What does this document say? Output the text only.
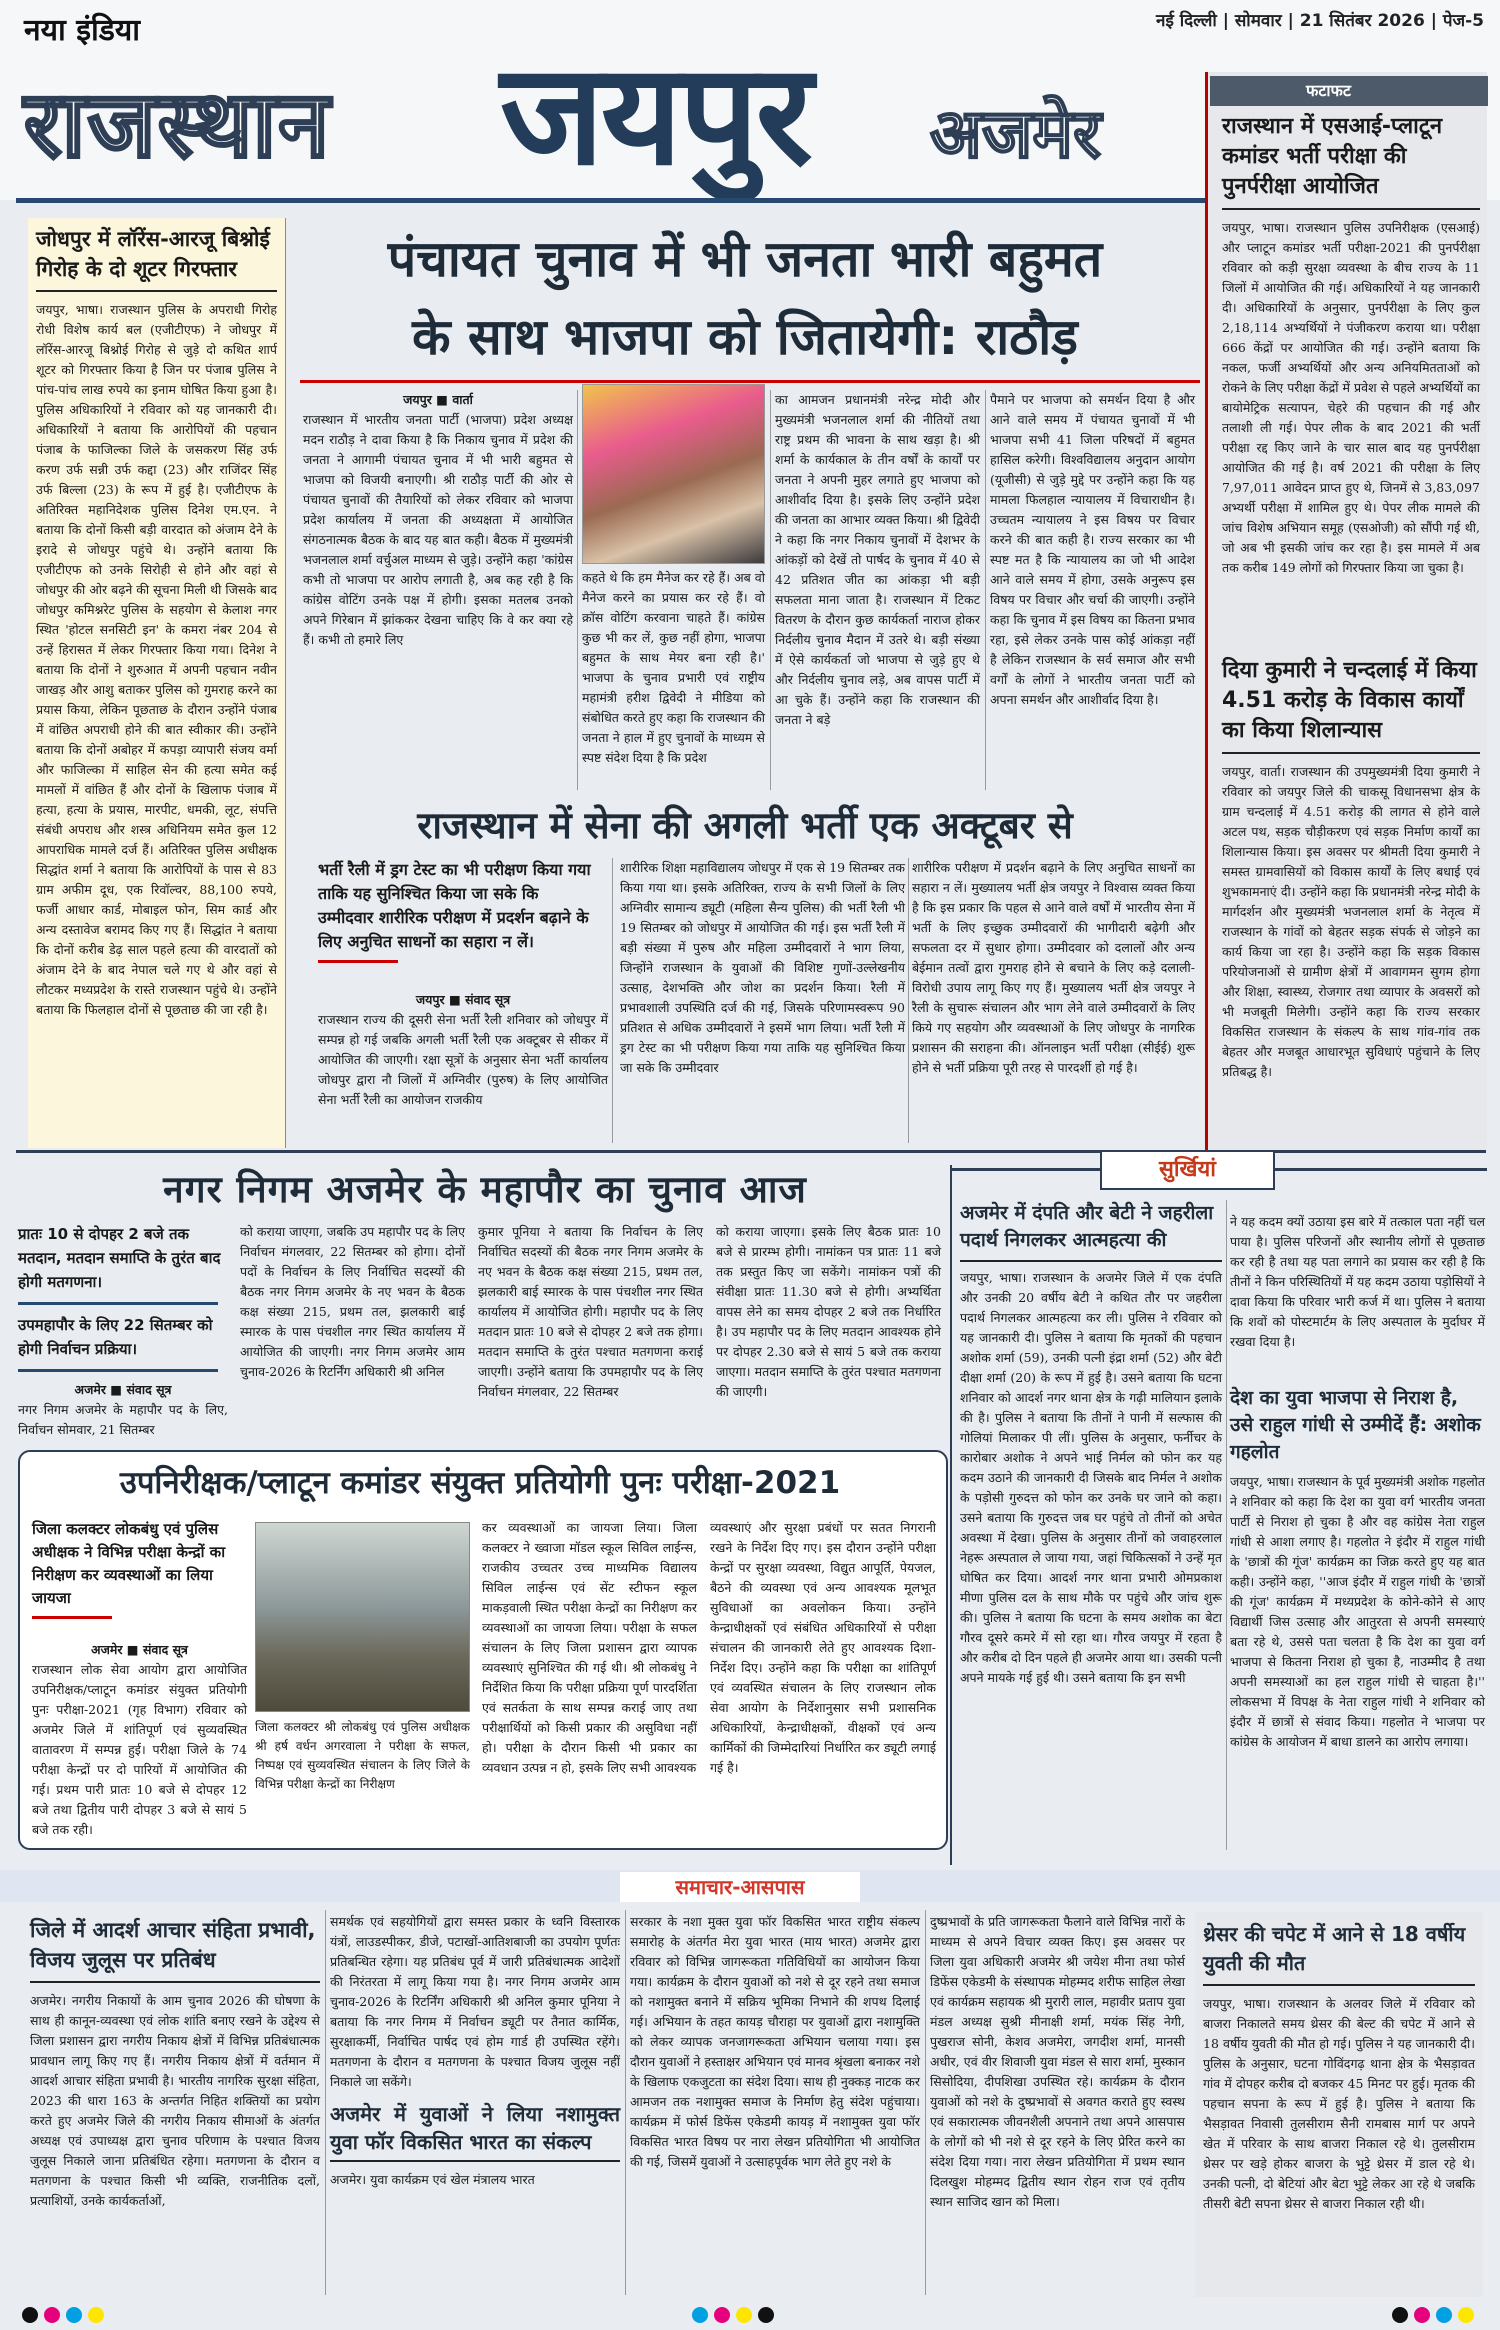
नया इंडिया
राजस्थान जयपुर अजमेर
नई दिल्ली | सोमवार | 21 सितंबर 2026 | पेज-5
फटाफट
राजस्थान में एसआई-प्लाटून कमांडर भर्ती परीक्षा की पुनर्परीक्षा आयोजित
जयपुर, भाषा। राजस्थान पुलिस उपनिरीक्षक (एसआई) और प्लाटून कमांडर भर्ती परीक्षा-2021 की पुनर्परीक्षा रविवार को कड़ी सुरक्षा व्यवस्था के बीच राज्य के 11 जिलों में आयोजित की गई। अधिकारियों ने यह जानकारी दी। अधिकारियों के अनुसार, पुनर्परीक्षा के लिए कुल 2,18,114 अभ्यर्थियों ने पंजीकरण कराया था। परीक्षा 666 केंद्रों पर आयोजित की गई। उन्होंने बताया कि नकल, फर्जी अभ्यर्थियों और अन्य अनियमितताओं को रोकने के लिए परीक्षा केंद्रों में प्रवेश से पहले अभ्यर्थियों का बायोमेट्रिक सत्यापन, चेहरे की पहचान की गई और तलाशी ली गई। पेपर लीक के बाद 2021 की भर्ती परीक्षा रद्द किए जाने के चार साल बाद यह पुनर्परीक्षा आयोजित की गई है। वर्ष 2021 की परीक्षा के लिए 7,97,011 आवेदन प्राप्त हुए थे, जिनमें से 3,83,097 अभ्यर्थी परीक्षा में शामिल हुए थे। पेपर लीक मामले की जांच विशेष अभियान समूह (एसओजी) को सौंपी गई थी, जो अब भी इसकी जांच कर रहा है। इस मामले में अब तक करीब 149 लोगों को गिरफ्तार किया जा चुका है।
दिया कुमारी ने चन्दलाई में किया 4.51 करोड़ के विकास कार्यों का किया शिलान्यास
जयपुर, वार्ता। राजस्थान की उपमुख्यमंत्री दिया कुमारी ने रविवार को जयपुर जिले की चाकसू विधानसभा क्षेत्र के ग्राम चन्दलाई में 4.51 करोड़ की लागत से होने वाले अटल पथ, सड़क चौड़ीकरण एवं सड़क निर्माण कार्यों का शिलान्यास किया। इस अवसर पर श्रीमती दिया कुमारी ने समस्त ग्रामवासियों को विकास कार्यों के लिए बधाई एवं शुभकामनाएं दी। उन्होंने कहा कि प्रधानमंत्री नरेन्द्र मोदी के मार्गदर्शन और मुख्यमंत्री भजनलाल शर्मा के नेतृत्व में राजस्थान के गांवों को बेहतर सड़क संपर्क से जोड़ने का कार्य किया जा रहा है। उन्होंने कहा कि सड़क विकास परियोजनाओं से ग्रामीण क्षेत्रों में आवागमन सुगम होगा और शिक्षा, स्वास्थ्य, रोजगार तथा व्यापार के अवसरों को भी मजबूती मिलेगी। उन्होंने कहा कि राज्य सरकार विकसित राजस्थान के संकल्प के साथ गांव-गांव तक बेहतर और मजबूत आधारभूत सुविधाएं पहुंचाने के लिए प्रतिबद्ध है।
जोधपुर में लॉरेंस-आरजू बिश्नोई गिरोह के दो शूटर गिरफ्तार
जयपुर, भाषा। राजस्थान पुलिस के अपराधी गिरोह रोधी विशेष कार्य बल (एजीटीएफ) ने जोधपुर में लॉरेंस-आरजू बिश्नोई गिरोह से जुड़े दो कथित शार्प शूटर को गिरफ्तार किया है जिन पर पंजाब पुलिस ने पांच-पांच लाख रुपये का इनाम घोषित किया हुआ है। पुलिस अधिकारियों ने रविवार को यह जानकारी दी। अधिकारियों ने बताया कि आरोपियों की पहचान पंजाब के फाजिल्का जिले के जसकरण सिंह उर्फ करण उर्फ सन्नी उर्फ कद्दा (23) और राजिंदर सिंह उर्फ बिल्ला (23) के रूप में हुई है। एजीटीएफ के अतिरिक्त महानिदेशक पुलिस दिनेश एम.एन. ने बताया कि दोनों किसी बड़ी वारदात को अंजाम देने के इरादे से जोधपुर पहुंचे थे। उन्होंने बताया कि एजीटीएफ को उनके सिरोही से होने और वहां से जोधपुर की ओर बढ़ने की सूचना मिली थी जिसके बाद जोधपुर कमिश्नरेट पुलिस के सहयोग से केलाश नगर स्थित 'होटल सनसिटी इन' के कमरा नंबर 204 से उन्हें हिरासत में लेकर गिरफ्तार किया गया। दिनेश ने बताया कि दोनों ने शुरुआत में अपनी पहचान नवीन जाखड़ और आशु बताकर पुलिस को गुमराह करने का प्रयास किया, लेकिन पूछताछ के दौरान उन्होंने पंजाब में वांछित अपराधी होने की बात स्वीकार की। उन्होंने बताया कि दोनों अबोहर में कपड़ा व्यापारी संजय वर्मा और फाजिल्का में साहिल सेन की हत्या समेत कई मामलों में वांछित हैं और दोनों के खिलाफ पंजाब में हत्या, हत्या के प्रयास, मारपीट, धमकी, लूट, संपत्ति संबंधी अपराध और शस्त्र अधिनियम समेत कुल 12 आपराधिक मामले दर्ज हैं। अतिरिक्त पुलिस अधीक्षक सिद्धांत शर्मा ने बताया कि आरोपियों के पास से 83 ग्राम अफीम दूध, एक रिवॉल्वर, 88,100 रुपये, फर्जी आधार कार्ड, मोबाइल फोन, सिम कार्ड और अन्य दस्तावेज बरामद किए गए हैं। सिद्धांत ने बताया कि दोनों करीब डेढ़ साल पहले हत्या की वारदातों को अंजाम देने के बाद नेपाल चले गए थे और वहां से लौटकर मध्यप्रदेश के रास्ते राजस्थान पहुंचे थे। उन्होंने बताया कि फिलहाल दोनों से पूछताछ की जा रही है।
पंचायत चुनाव में भी जनता भारी बहुमत
के साथ भाजपा को जितायेगी: राठौड़
जयपुर ■ वार्ता
राजस्थान में भारतीय जनता पार्टी (भाजपा) प्रदेश अध्यक्ष मदन राठौड़ ने दावा किया है कि निकाय चुनाव में प्रदेश की जनता ने आगामी पंचायत चुनाव में भी भारी बहुमत से भाजपा को विजयी बनाएगी। श्री राठौड़ पार्टी की ओर से पंचायत चुनावों की तैयारियों को लेकर रविवार को भाजपा प्रदेश कार्यालय में जनता की अध्यक्षता में आयोजित संगठनात्मक बैठक के बाद यह बात कही। बैठक में मुख्यमंत्री भजनलाल शर्मा वर्चुअल माध्यम से जुड़े। उन्होंने कहा 'कांग्रेस कभी तो भाजपा पर आरोप लगाती है, अब कह रही है कि कांग्रेस वोटिंग उनके पक्ष में होगी। इसका मतलब उनको अपने गिरेबान में झांककर देखना चाहिए कि वे कर क्या रहे हैं। कभी तो हमारे लिए
कहते थे कि हम मैनेज कर रहे हैं। अब वो मैनेज करने का प्रयास कर रहे हैं। वो क्रॉस वोटिंग करवाना चाहते हैं। कांग्रेस कुछ भी कर लें, कुछ नहीं होगा, भाजपा बहुमत के साथ मेयर बना रही है।' भाजपा के चुनाव प्रभारी एवं राष्ट्रीय महामंत्री हरीश द्विवेदी ने मीडिया को संबोधित करते हुए कहा कि राजस्थान की जनता ने हाल में हुए चुनावों के माध्यम से स्पष्ट संदेश दिया है कि प्रदेश
का आमजन प्रधानमंत्री नरेन्द्र मोदी और मुख्यमंत्री भजनलाल शर्मा की नीतियों तथा राष्ट्र प्रथम की भावना के साथ खड़ा है। श्री शर्मा के कार्यकाल के तीन वर्षों के कार्यों पर जनता ने अपनी मुहर लगाते हुए भाजपा को आशीर्वाद दिया है। इसके लिए उन्होंने प्रदेश की जनता का आभार व्यक्त किया। श्री द्विवेदी ने कहा कि नगर निकाय चुनावों में देशभर के आंकड़ों को देखें तो पार्षद के चुनाव में 40 से 42 प्रतिशत जीत का आंकड़ा भी बड़ी सफलता माना जाता है। राजस्थान में टिकट वितरण के दौरान कुछ कार्यकर्ता नाराज होकर निर्दलीय चुनाव मैदान में उतरे थे। बड़ी संख्या में ऐसे कार्यकर्ता जो भाजपा से जुड़े हुए थे और निर्दलीय चुनाव लड़े, अब वापस पार्टी में आ चुके हैं। उन्होंने कहा कि राजस्थान की जनता ने बड़े
पैमाने पर भाजपा को समर्थन दिया है और आने वाले समय में पंचायत चुनावों में भी भाजपा सभी 41 जिला परिषदों में बहुमत हासिल करेगी। विश्वविद्यालय अनुदान आयोग (यूजीसी) से जुड़े मुद्दे पर उन्होंने कहा कि यह मामला फिलहाल न्यायालय में विचाराधीन है। उच्चतम न्यायालय ने इस विषय पर विचार करने की बात कही है। राज्य सरकार का भी स्पष्ट मत है कि न्यायालय का जो भी आदेश आने वाले समय में होगा, उसके अनुरूप इस विषय पर विचार और चर्चा की जाएगी। उन्होंने कहा कि चुनाव में इस विषय का कितना प्रभाव रहा, इसे लेकर उनके पास कोई आंकड़ा नहीं है लेकिन राजस्थान के सर्व समाज और सभी वर्गों के लोगों ने भारतीय जनता पार्टी को अपना समर्थन और आशीर्वाद दिया है।
राजस्थान में सेना की अगली भर्ती एक अक्टूबर से
भर्ती रैली में ड्रग टेस्ट का भी परीक्षण किया गया ताकि यह सुनिश्चित किया जा सके कि उम्मीदवार शारीरिक परीक्षण में प्रदर्शन बढ़ाने के लिए अनुचित साधनों का सहारा न लें।
जयपुर ■ संवाद सूत्र
राजस्थान राज्य की दूसरी सेना भर्ती रैली शनिवार को जोधपुर में सम्पन्न हो गई जबकि अगली भर्ती रैली एक अक्टूबर से सीकर में आयोजित की जाएगी। रक्षा सूत्रों के अनुसार सेना भर्ती कार्यालय जोधपुर द्वारा नौ जिलों में अग्निवीर (पुरुष) के लिए आयोजित सेना भर्ती रैली का आयोजन राजकीय
शारीरिक शिक्षा महाविद्यालय जोधपुर में एक से 19 सितम्बर तक किया गया था। इसके अतिरिक्त, राज्य के सभी जिलों के लिए अग्निवीर सामान्य ड्यूटी (महिला सैन्य पुलिस) की भर्ती रैली भी 19 सितम्बर को जोधपुर में आयोजित की गई। इस भर्ती रैली में बड़ी संख्या में पुरुष और महिला उम्मीदवारों ने भाग लिया, जिन्होंने राजस्थान के युवाओं की विशिष्ट गुणों-उल्लेखनीय उत्साह, देशभक्ति और जोश का प्रदर्शन किया। रैली में प्रभावशाली उपस्थिति दर्ज की गई, जिसके परिणामस्वरूप 90 प्रतिशत से अधिक उम्मीदवारों ने इसमें भाग लिया। भर्ती रैली में ड्रग टेस्ट का भी परीक्षण किया गया ताकि यह सुनिश्चित किया जा सके कि उम्मीदवार
शारीरिक परीक्षण में प्रदर्शन बढ़ाने के लिए अनुचित साधनों का सहारा न लें। मुख्यालय भर्ती क्षेत्र जयपुर ने विश्वास व्यक्त किया है कि इस प्रकार कि पहल से आने वाले वर्षों में भारतीय सेना में भर्ती के लिए इच्छुक उम्मीदवारों की भागीदारी बढ़ेगी और सफलता दर में सुधार होगा। उम्मीदवार को दलालों और अन्य बेईमान तत्वों द्वारा गुमराह होने से बचाने के लिए कड़े दलाली-विरोधी उपाय लागू किए गए हैं। मुख्यालय भर्ती क्षेत्र जयपुर ने रैली के सुचारू संचालन और भाग लेने वाले उम्मीदवारों के लिए किये गए सहयोग और व्यवस्थाओं के लिए जोधपुर के नागरिक प्रशासन की सराहना की। ऑनलाइन भर्ती परीक्षा (सीईई) शुरू होने से भर्ती प्रक्रिया पूरी तरह से पारदर्शी हो गई है।
नगर निगम अजमेर के महापौर का चुनाव आज
प्रातः 10 से दोपहर 2 बजे तक मतदान, मतदान समाप्ति के तुरंत बाद होगी मतगणना।
उपमहापौर के लिए 22 सितम्बर को होगी निर्वाचन प्रक्रिया।
अजमेर ■ संवाद सूत्र
नगर निगम अजमेर के महापौर पद के लिए, निर्वाचन सोमवार, 21 सितम्बर
को कराया जाएगा, जबकि उप महापौर पद के लिए निर्वाचन मंगलवार, 22 सितम्बर को होगा। दोनों पदों के निर्वाचन के लिए निर्वाचित सदस्यों की बैठक नगर निगम अजमेर के नए भवन के बैठक कक्ष संख्या 215, प्रथम तल, झलकारी बाई स्मारक के पास पंचशील नगर स्थित कार्यालय में आयोजित की जाएगी। नगर निगम अजमेर आम चुनाव-2026 के रिटर्निंग अधिकारी श्री अनिल
कुमार पूनिया ने बताया कि निर्वाचन के लिए निर्वाचित सदस्यों की बैठक नगर निगम अजमेर के नए भवन के बैठक कक्ष संख्या 215, प्रथम तल, झलकारी बाई स्मारक के पास पंचशील नगर स्थित कार्यालय में आयोजित होगी। महापौर पद के लिए मतदान प्रातः 10 बजे से दोपहर 2 बजे तक होगा। मतदान समाप्ति के तुरंत पश्चात मतगणना कराई जाएगी। उन्होंने बताया कि उपमहापौर पद के लिए निर्वाचन मंगलवार, 22 सितम्बर
को कराया जाएगा। इसके लिए बैठक प्रातः 10 बजे से प्रारम्भ होगी। नामांकन पत्र प्रातः 11 बजे तक प्रस्तुत किए जा सकेंगे। नामांकन पत्रों की संवीक्षा प्रातः 11.30 बजे से होगी। अभ्यर्थिता वापस लेने का समय दोपहर 2 बजे तक निर्धारित है। उप महापौर पद के लिए मतदान आवश्यक होने पर दोपहर 2.30 बजे से सायं 5 बजे तक कराया जाएगा। मतदान समाप्ति के तुरंत पश्चात मतगणना की जाएगी।
सुर्खियां
अजमेर में दंपति और बेटी ने जहरीला पदार्थ निगलकर आत्महत्या की
जयपुर, भाषा। राजस्थान के अजमेर जिले में एक दंपति और उनकी 20 वर्षीय बेटी ने कथित तौर पर जहरीला पदार्थ निगलकर आत्महत्या कर ली। पुलिस ने रविवार को यह जानकारी दी। पुलिस ने बताया कि मृतकों की पहचान अशोक शर्मा (59), उनकी पत्नी इंद्रा शर्मा (52) और बेटी दीक्षा शर्मा (20) के रूप में हुई है। उसने बताया कि घटना शनिवार को आदर्श नगर थाना क्षेत्र के गढ़ी मालियान इलाके की है। पुलिस ने बताया कि तीनों ने पानी में सल्फास की गोलियां मिलाकर पी लीं। पुलिस के अनुसार, फर्नीचर के कारोबार अशोक ने अपने भाई निर्मल को फोन कर यह कदम उठाने की जानकारी दी जिसके बाद निर्मल ने अशोक के पड़ोसी गुरुदत्त को फोन कर उनके घर जाने को कहा। उसने बताया कि गुरुदत्त जब घर पहुंचे तो तीनों को अचेत अवस्था में देखा। पुलिस के अनुसार तीनों को जवाहरलाल नेहरू अस्पताल ले जाया गया, जहां चिकित्सकों ने उन्हें मृत घोषित कर दिया। आदर्श नगर थाना प्रभारी ओमप्रकाश मीणा पुलिस दल के साथ मौके पर पहुंचे और जांच शुरू की। पुलिस ने बताया कि घटना के समय अशोक का बेटा गौरव दूसरे कमरे में सो रहा था। गौरव जयपुर में रहता है और करीब दो दिन पहले ही अजमेर आया था। उसकी पत्नी अपने मायके गई हुई थी। उसने बताया कि इन सभी
ने यह कदम क्यों उठाया इस बारे में तत्काल पता नहीं चल पाया है। पुलिस परिजनों और स्थानीय लोगों से पूछताछ कर रही है तथा यह पता लगाने का प्रयास कर रही है कि तीनों ने किन परिस्थितियों में यह कदम उठाया पड़ोसियों ने दावा किया कि परिवार भारी कर्ज में था। पुलिस ने बताया कि शवों को पोस्टमार्टम के लिए अस्पताल के मुर्दाघर में रखवा दिया है।
देश का युवा भाजपा से निराश है, उसे राहुल गांधी से उम्मीदें हैं: अशोक गहलोत
जयपुर, भाषा। राजस्थान के पूर्व मुख्यमंत्री अशोक गहलोत ने शनिवार को कहा कि देश का युवा वर्ग भारतीय जनता पार्टी से निराश हो चुका है और वह कांग्रेस नेता राहुल गांधी से आशा लगाए है। गहलोत ने इंदौर में राहुल गांधी के 'छात्रों की गूंज' कार्यक्रम का जिक्र करते हुए यह बात कही। उन्होंने कहा, ''आज इंदौर में राहुल गांधी के 'छात्रों की गूंज' कार्यक्रम में मध्यप्रदेश के कोने-कोने से आए विद्यार्थी जिस उत्साह और आतुरता से अपनी समस्याएं बता रहे थे, उससे पता चलता है कि देश का युवा वर्ग भाजपा से कितना निराश हो चुका है, नाउम्मीद है तथा अपनी समस्याओं का हल राहुल गांधी से चाहता है।'' लोकसभा में विपक्ष के नेता राहुल गांधी ने शनिवार को इंदौर में छात्रों से संवाद किया। गहलोत ने भाजपा पर कांग्रेस के आयोजन में बाधा डालने का आरोप लगाया।
उपनिरीक्षक/प्लाटून कमांडर संयुक्त प्रतियोगी पुनः परीक्षा-2021
जिला कलक्टर लोकबंधु एवं पुलिस अधीक्षक ने विभिन्न परीक्षा केन्द्रों का निरीक्षण कर व्यवस्थाओं का लिया जायजा
अजमेर ■ संवाद सूत्र
राजस्थान लोक सेवा आयोग द्वारा आयोजित उपनिरीक्षक/प्लाटून कमांडर संयुक्त प्रतियोगी पुनः परीक्षा-2021 (गृह विभाग) रविवार को अजमेर जिले में शांतिपूर्ण एवं सुव्यवस्थित वातावरण में सम्पन्न हुई। परीक्षा जिले के 74 परीक्षा केन्द्रों पर दो पारियों में आयोजित की गई। प्रथम पारी प्रातः 10 बजे से दोपहर 12 बजे तथा द्वितीय पारी दोपहर 3 बजे से सायं 5 बजे तक रही।
जिला कलक्टर श्री लोकबंधु एवं पुलिस अधीक्षक श्री हर्ष वर्धन अगरवाला ने परीक्षा के सफल, निष्पक्ष एवं सुव्यवस्थित संचालन के लिए जिले के विभिन्न परीक्षा केन्द्रों का निरीक्षण
कर व्यवस्थाओं का जायजा लिया। जिला कलक्टर ने ख्वाजा मॉडल स्कूल सिविल लाईन्स, राजकीय उच्चतर उच्च माध्यमिक विद्यालय सिविल लाईन्स एवं सेंट स्टीफन स्कूल माकड़वाली स्थित परीक्षा केन्द्रों का निरीक्षण कर व्यवस्थाओं का जायजा लिया। परीक्षा के सफल संचालन के लिए जिला प्रशासन द्वारा व्यापक व्यवस्थाएं सुनिश्चित की गई थी। श्री लोकबंधु ने निर्देशित किया कि परीक्षा प्रक्रिया पूर्ण पारदर्शिता एवं सतर्कता के साथ सम्पन्न कराई जाए तथा परीक्षार्थियों को किसी प्रकार की असुविधा नहीं हो। परीक्षा के दौरान किसी भी प्रकार का व्यवधान उत्पन्न न हो, इसके लिए सभी आवश्यक
व्यवस्थाएं और सुरक्षा प्रबंधों पर सतत निगरानी रखने के निर्देश दिए गए। इस दौरान उन्होंने परीक्षा केन्द्रों पर सुरक्षा व्यवस्था, विद्युत आपूर्ति, पेयजल, बैठने की व्यवस्था एवं अन्य आवश्यक मूलभूत सुविधाओं का अवलोकन किया। उन्होंने केन्द्राधीक्षकों एवं संबंधित अधिकारियों से परीक्षा संचालन की जानकारी लेते हुए आवश्यक दिशा-निर्देश दिए। उन्होंने कहा कि परीक्षा का शांतिपूर्ण एवं व्यवस्थित संचालन के लिए राजस्थान लोक सेवा आयोग के निर्देशानुसार सभी प्रशासनिक अधिकारियों, केन्द्राधीक्षकों, वीक्षकों एवं अन्य कार्मिकों की जिम्मेदारियां निर्धारित कर ड्यूटी लगाई गई है।
समाचार-आसपास
जिले में आदर्श आचार संहिता प्रभावी, विजय जुलूस पर प्रतिबंध
अजमेर। नगरीय निकायों के आम चुनाव 2026 की घोषणा के साथ ही कानून-व्यवस्था एवं लोक शांति बनाए रखने के उद्देश्य से जिला प्रशासन द्वारा नगरीय निकाय क्षेत्रों में विभिन्न प्रतिबंधात्मक प्रावधान लागू किए गए हैं। नगरीय निकाय क्षेत्रों में वर्तमान में आदर्श आचार संहिता प्रभावी है। भारतीय नागरिक सुरक्षा संहिता, 2023 की धारा 163 के अन्तर्गत निहित शक्तियों का प्रयोग करते हुए अजमेर जिले की नगरीय निकाय सीमाओं के अंतर्गत अध्यक्ष एवं उपाध्यक्ष द्वारा चुनाव परिणाम के पश्चात विजय जुलूस निकाले जाना प्रतिबंधित रहेगा। मतगणना के दौरान व मतगणना के पश्चात किसी भी व्यक्ति, राजनीतिक दलों, प्रत्याशियों, उनके कार्यकर्ताओं,
समर्थक एवं सहयोगियों द्वारा समस्त प्रकार के ध्वनि विस्तारक यंत्रों, लाउडस्पीकर, डीजे, पटाखों-आतिशबाजी का उपयोग पूर्णतः प्रतिबन्धित रहेगा। यह प्रतिबंध पूर्व में जारी प्रतिबंधात्मक आदेशों की निरंतरता में लागू किया गया है। नगर निगम अजमेर आम चुनाव-2026 के रिटर्निंग अधिकारी श्री अनिल कुमार पूनिया ने बताया कि नगर निगम में निर्वाचन ड्यूटी पर तैनात कार्मिक, सुरक्षाकर्मी, निर्वाचित पार्षद एवं होम गार्ड ही उपस्थित रहेंगे। मतगणना के दौरान व मतगणना के पश्चात विजय जुलूस नहीं निकाले जा सकेंगे।
अजमेर में युवाओं ने लिया नशामुक्त युवा फॉर विकसित भारत का संकल्प
अजमेर। युवा कार्यक्रम एवं खेल मंत्रालय भारत
सरकार के नशा मुक्त युवा फॉर विकसित भारत राष्ट्रीय संकल्प समारोह के अंतर्गत मेरा युवा भारत (माय भारत) अजमेर द्वारा रविवार को विभिन्न जागरूकता गतिविधियों का आयोजन किया गया। कार्यक्रम के दौरान युवाओं को नशे से दूर रहने तथा समाज को नशामुक्त बनाने में सक्रिय भूमिका निभाने की शपथ दिलाई गई। अभियान के तहत कायड़ चौराहा पर युवाओं द्वारा नशामुक्ति को लेकर व्यापक जनजागरूकता अभियान चलाया गया। इस दौरान युवाओं ने हस्ताक्षर अभियान एवं मानव श्रृंखला बनाकर नशे के खिलाफ एकजुटता का संदेश दिया। साथ ही नुक्कड़ नाटक कर आमजन तक नशामुक्त समाज के निर्माण हेतु संदेश पहुंचाया। कार्यक्रम में फोर्स डिफेंस एकेडमी कायड़ में नशामुक्त युवा फॉर विकसित भारत विषय पर नारा लेखन प्रतियोगिता भी आयोजित की गई, जिसमें युवाओं ने उत्साहपूर्वक भाग लेते हुए नशे के
दुष्प्रभावों के प्रति जागरूकता फैलाने वाले विभिन्न नारों के माध्यम से अपने विचार व्यक्त किए। इस अवसर पर जिला युवा अधिकारी अजमेर श्री जयेश मीना तथा फोर्स डिफेंस एकेडमी के संस्थापक मोहम्मद शरीफ साहिल लेखा एवं कार्यक्रम सहायक श्री मुरारी लाल, महावीर प्रताप युवा मंडल अध्यक्ष सुश्री मीनाक्षी शर्मा, मयंक सिंह नेगी, पुखराज सोनी, केशव अजमेरा, जगदीश शर्मा, मानसी अधीर, एवं वीर शिवाजी युवा मंडल से सारा शर्मा, मुस्कान सिसोदिया, दीपशिखा उपस्थित रहे। कार्यक्रम के दौरान युवाओं को नशे के दुष्प्रभावों से अवगत कराते हुए स्वस्थ एवं सकारात्मक जीवनशैली अपनाने तथा अपने आसपास के लोगों को भी नशे से दूर रहने के लिए प्रेरित करने का संदेश दिया गया। नारा लेखन प्रतियोगिता में प्रथम स्थान दिलखुश मोहम्मद द्वितीय स्थान रोहन राज एवं तृतीय स्थान साजिद खान को मिला।
थ्रेसर की चपेट में आने से 18 वर्षीय युवती की मौत
जयपुर, भाषा। राजस्थान के अलवर जिले में रविवार को बाजरा निकालते समय थ्रेसर की बेल्ट की चपेट में आने से 18 वर्षीय युवती की मौत हो गई। पुलिस ने यह जानकारी दी। पुलिस के अनुसार, घटना गोविंदगढ़ थाना क्षेत्र के भैसड़ावत गांव में दोपहर करीब दो बजकर 45 मिनट पर हुई। मृतक की पहचान सपना के रूप में हुई है। पुलिस ने बताया कि भैसड़ावत निवासी तुलसीराम सैनी रामबास मार्ग पर अपने खेत में परिवार के साथ बाजरा निकाल रहे थे। तुलसीराम थ्रेसर पर खड़े होकर बाजरा के भुट्टे थ्रेसर में डाल रहे थे। उनकी पत्नी, दो बेटियां और बेटा भुट्टे लेकर आ रहे थे जबकि तीसरी बेटी सपना थ्रेसर से बाजरा निकाल रही थी।
